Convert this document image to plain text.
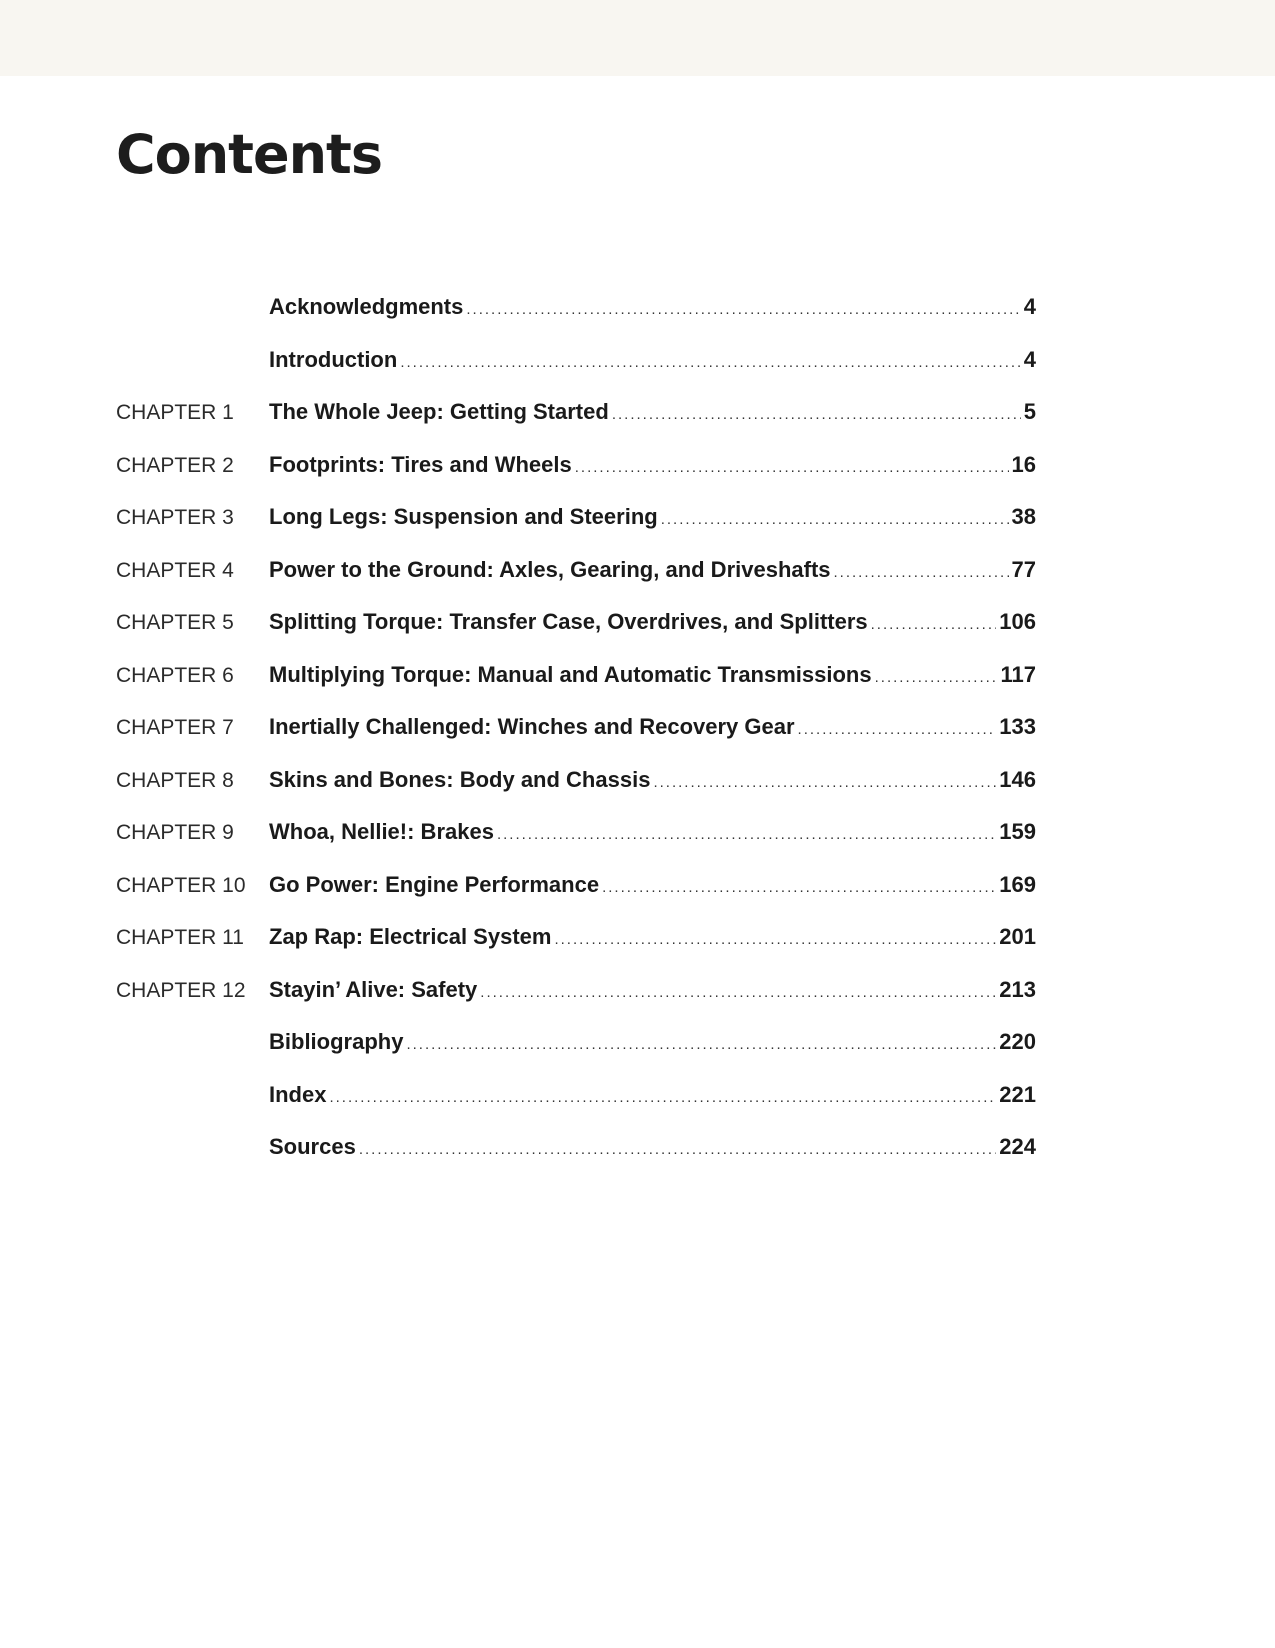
Contents
Acknowledgments .....	4
Introduction .....	4
CHAPTER 1	The Whole Jeep: Getting Started .....	5
CHAPTER 2	Footprints: Tires and Wheels .....	16
CHAPTER 3	Long Legs: Suspension and Steering .....	38
CHAPTER 4	Power to the Ground: Axles, Gearing, and Driveshafts .....	77
CHAPTER 5	Splitting Torque: Transfer Case, Overdrives, and Splitters .....	106
CHAPTER 6	Multiplying Torque: Manual and Automatic Transmissions .....	117
CHAPTER 7	Inertially Challenged: Winches and Recovery Gear .....	133
CHAPTER 8	Skins and Bones: Body and Chassis .....	146
CHAPTER 9	Whoa, Nellie!: Brakes .....	159
CHAPTER 10	Go Power: Engine Performance .....	169
CHAPTER 11	Zap Rap: Electrical System .....	201
CHAPTER 12	Stayin’ Alive: Safety .....	213
Bibliography .....	220
Index .....	221
Sources .....	224
